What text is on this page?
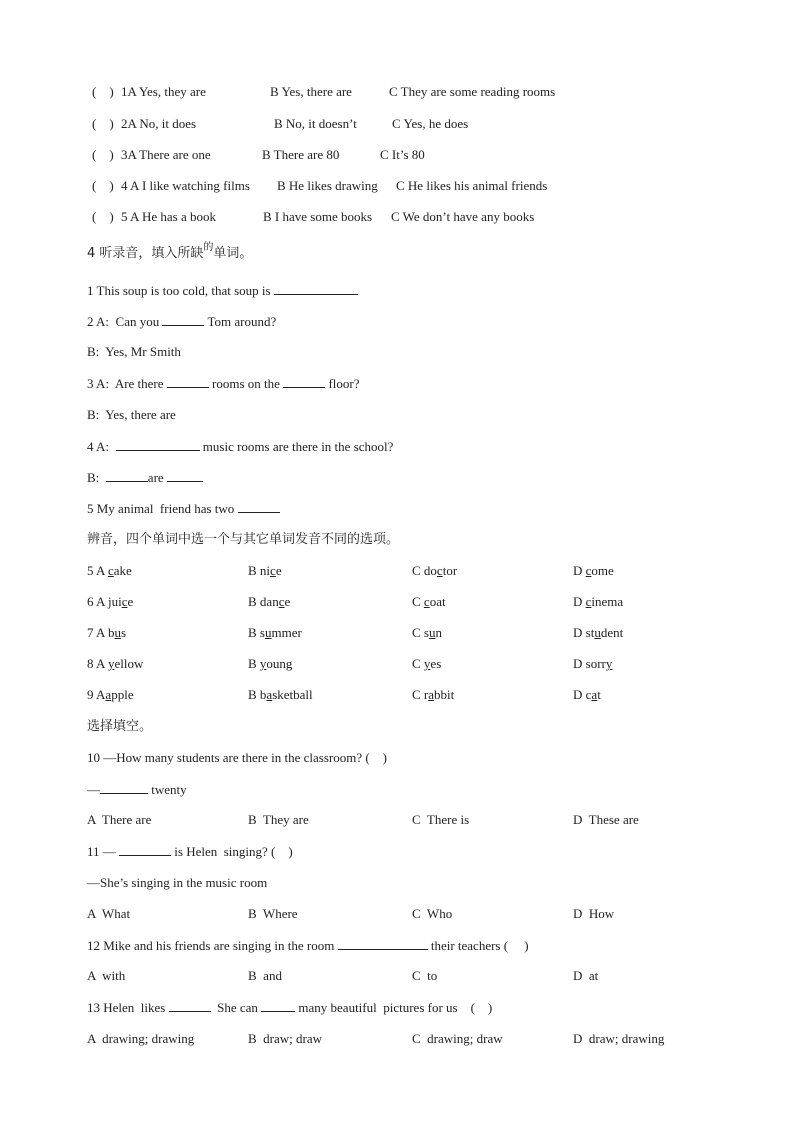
(    ) 1A Yes, they are	B Yes, there are	C They are some reading rooms
(    ) 2A No, it does	B No, it doesn’t	C Yes, he does
(    ) 3A There are one	B There are 80	C It’s 80
(    ) 4 A I like watching films B He likes drawing C He likes his animal friends
(    ) 5 A He has a book	B I have some books C We don’t have any books
4 听录音，填入所缺$^的$单词。
1 This soup is too cold, that soup is
2 A:  Can you	Tom around?
B:  Yes, Mr Smith
3 A:  Are there	rooms on the	floor?
B:  Yes, there are
4 A:	music rooms are there in the school?
B:	are
5 My animal  friend has two
辨音，四个单词中选一个与其它单词发音不同的选项。
5 A cake	B nice	C doctor	D come
6 A juice	B dance	C coat	D cinema
7 A bus	B summer	C sun	D student
8 A yellow	B young	C yes	D sorry
9 Aapple	B basketball	C rabbit	D cat
选择填空。
10 —How many students are there in the classroom? (    )
—	twenty
A  There are	B  They are	C  There is	D  These are
11 —	is Helen  singing? (    )
—She’s singing in the music room
A  What	B  Where	C  Who	D  How
12 Mike and his friends are singing in the room	their teachers (     )
A  with	B  and	C  to	D  at
13 Helen  likes	She can	many beautiful  pictures for us    (    )
A  drawing; drawing	B  draw; draw	C  drawing; draw	D  draw; drawing
